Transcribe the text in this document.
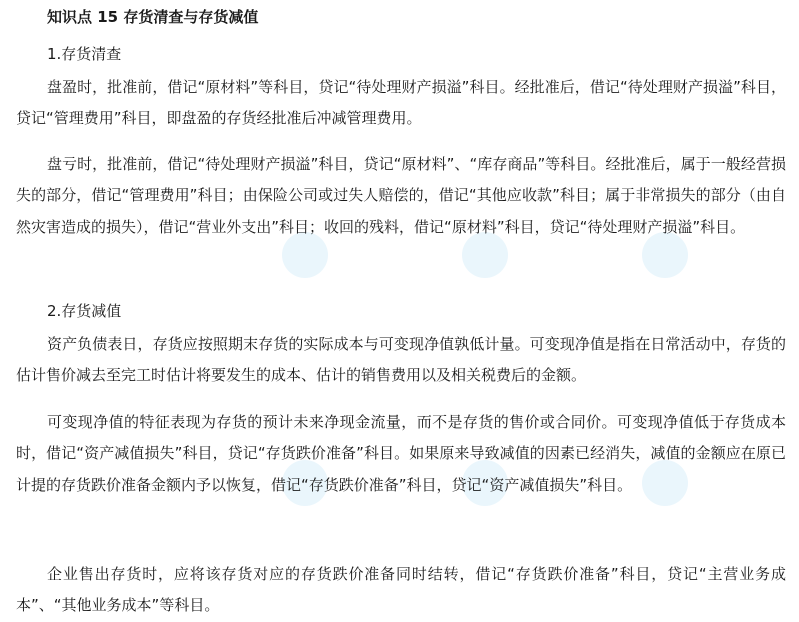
知识点 15 存货清查与存货减值
1.存货清查

盘盈时，批准前，借记“原材料”等科目，贷记“待处理财产损溢”科目。经批准后，借记“待处理财产损溢”科目，贷记“管理费用”科目，即盘盈的存货经批准后冲减管理费用。

盘亏时，批准前，借记“待处理财产损溢”科目，贷记“原材料”、“库存商品”等科目。经批准后，属于一般经营损失的部分，借记“管理费用”科目；由保险公司或过失人赔偿的，借记“其他应收款”科目；属于非常损失的部分（由自然灾害造成的损失），借记“营业外支出”科目；收回的残料，借记“原材料”科目，贷记“待处理财产损溢”科目。

2.存货减值

资产负债表日，存货应按照期末存货的实际成本与可变现净值孰低计量。可变现净值是指在日常活动中，存货的估计售价减去至完工时估计将要发生的成本、估计的销售费用以及相关税费后的金额。

可变现净值的特征表现为存货的预计未来净现金流量，而不是存货的售价或合同价。可变现净值低于存货成本时，借记“资产减值损失”科目，贷记“存货跌价准备”科目。如果原来导致减值的因素已经消失，减值的金额应在原已计提的存货跌价准备金额内予以恢复，借记“存货跌价准备”科目，贷记“资产减值损失”科目。

企业售出存货时，应将该存货对应的存货跌价准备同时结转，借记“存货跌价准备”科目，贷记“主营业务成本”、“其他业务成本”等科目。
